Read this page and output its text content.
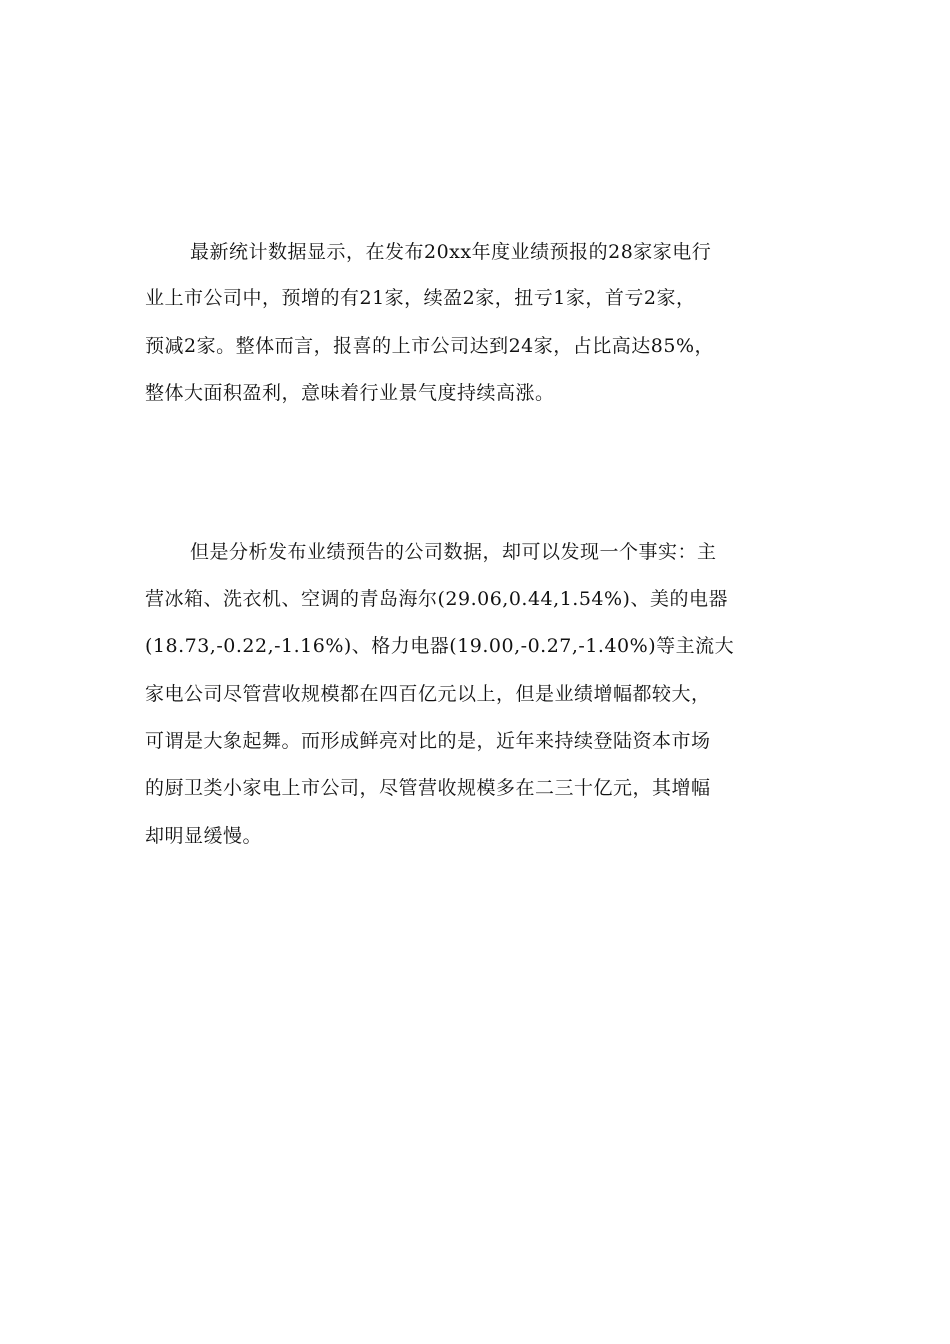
最新统计数据显示，在发布20xx年度业绩预报的28家家电行
业上市公司中，预增的有21家，续盈2家，扭亏1家，首亏2家，
预减2家。整体而言，报喜的上市公司达到24家，占比高达85%，
整体大面积盈利，意味着行业景气度持续高涨。
但是分析发布业绩预告的公司数据，却可以发现一个事实：主
营冰箱、洗衣机、空调的青岛海尔(29.06,0.44,1.54%)、美的电器
(18.73,-0.22,-1.16%)、格力电器(19.00,-0.27,-1.40%)等主流大
家电公司尽管营收规模都在四百亿元以上，但是业绩增幅都较大，
可谓是大象起舞。而形成鲜亮对比的是，近年来持续登陆资本市场
的厨卫类小家电上市公司，尽管营收规模多在二三十亿元，其增幅
却明显缓慢。
